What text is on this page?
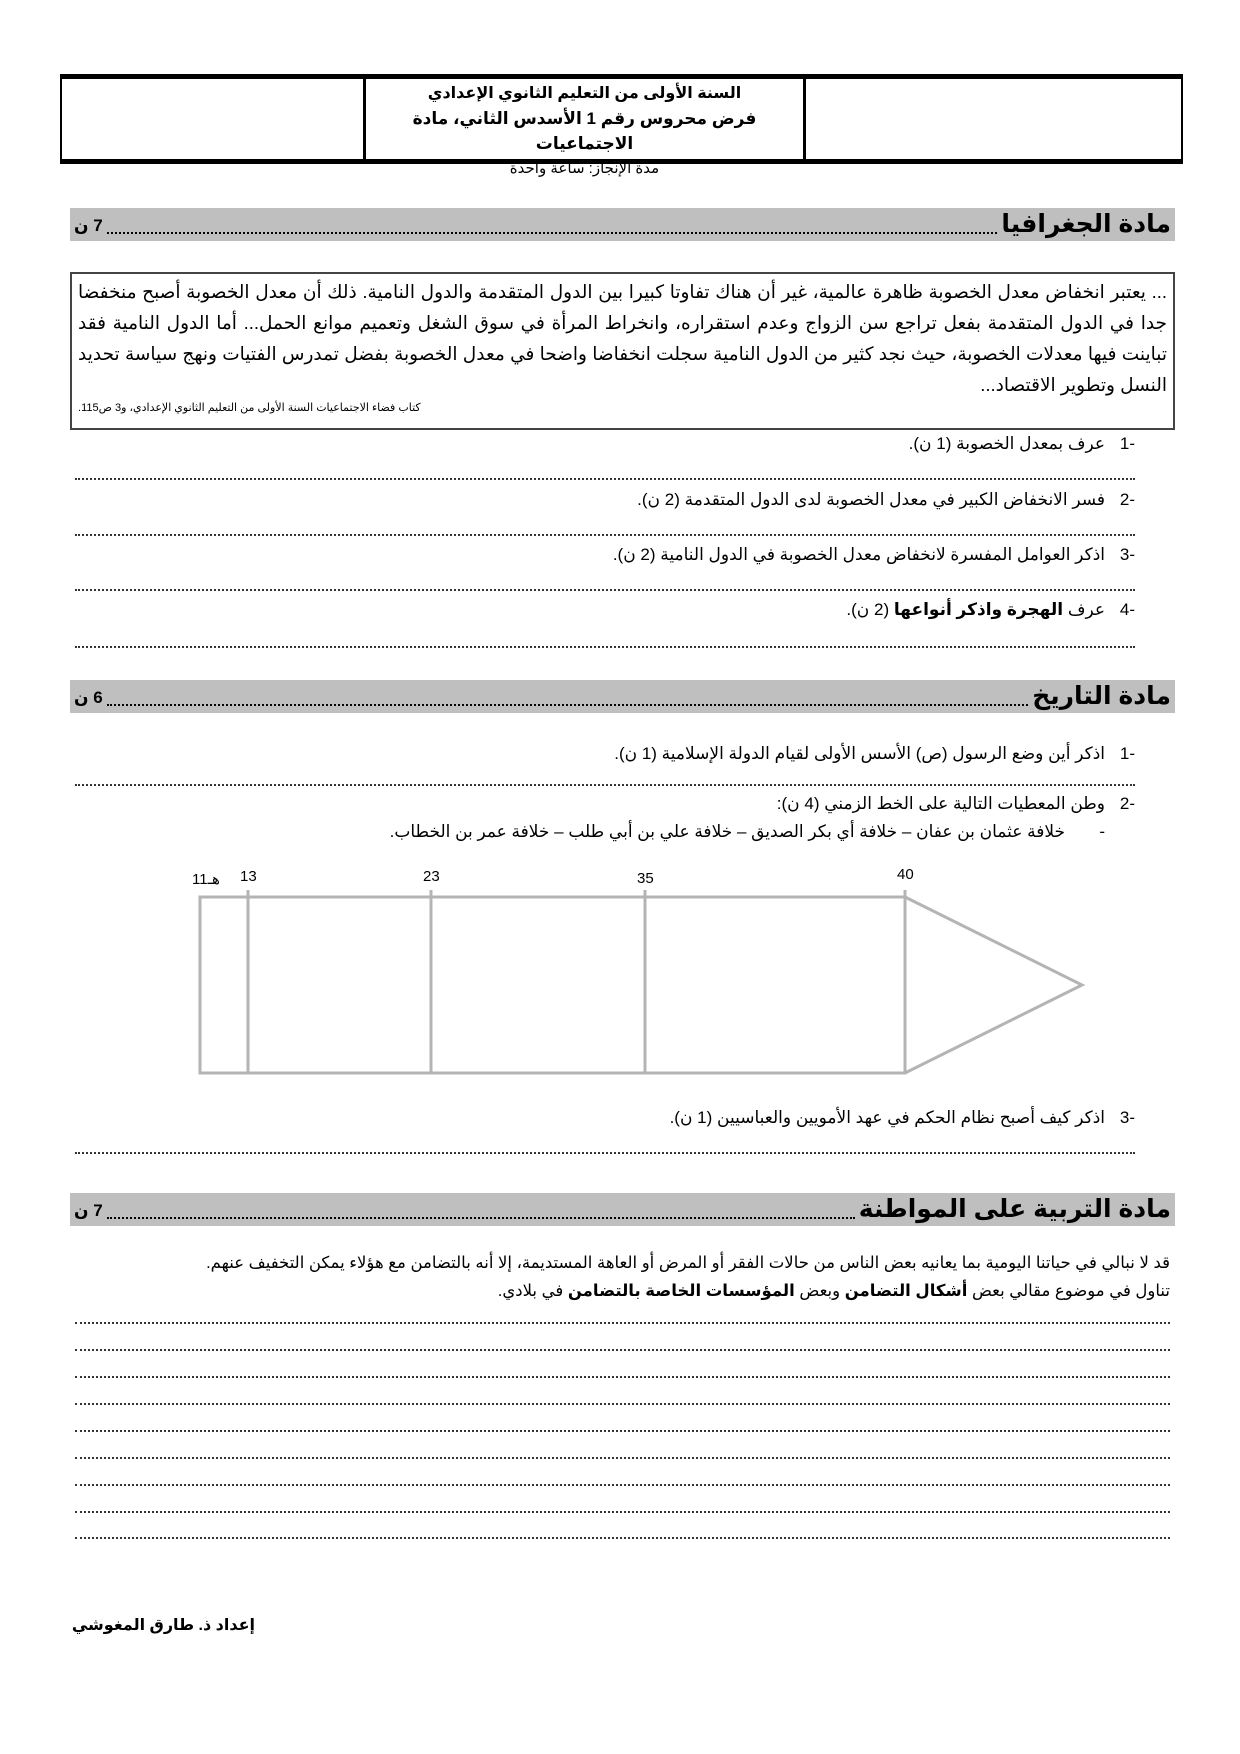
السنة الأولى من التعليم الثانوي الإعدادي
فرض محروس رقم 1 الأسدس الثاني، مادة الاجتماعيات
مدة الإنجاز: ساعة واحدة
مادة الجغرافيا
7 ن
... يعتبر انخفاض معدل الخصوبة ظاهرة عالمية، غير أن هناك تفاوتا كبيرا بين الدول المتقدمة والدول النامية. ذلك أن معدل الخصوبة أصبح منخفضا جدا في الدول المتقدمة بفعل تراجع سن الزواج وعدم استقراره، وانخراط المرأة في سوق الشغل وتعميم موانع الحمل... أما الدول النامية فقد تباينت فيها معدلات الخصوبة، حيث نجد كثير من الدول النامية سجلت انخفاضا واضحا في معدل الخصوبة بفضل تمدرس الفتيات ونهج سياسة تحديد النسل وتطوير الاقتصاد...
كتاب فضاء الاجتماعيات السنة الأولى من التعليم الثانوي الإعدادي، و3 ص115.
-1عرف بمعدل الخصوبة (1 ن).
-2فسر الانخفاض الكبير في معدل الخصوبة لدى الدول المتقدمة (2 ن).
-3اذكر العوامل المفسرة لانخفاض معدل الخصوبة في الدول النامية (2 ن).
-4عرف الهجرة واذكر أنواعها (2 ن).
مادة التاريخ
6 ن
-1اذكر أين وضع الرسول (ص) الأسس الأولى لقيام الدولة الإسلامية (1 ن).
-2وطن المعطيات التالية على الخط الزمني (4 ن):
-خلافة عثمان بن عفان – خلافة أي بكر الصديق – خلافة علي بن أبي طلب – خلافة عمر بن الخطاب.
11هـ 13	23	35	40
-3اذكر كيف أصبح نظام الحكم في عهد الأمويين والعباسيين (1 ن).
مادة التربية على المواطنة
7 ن
قد لا نبالي في حياتنا اليومية بما يعانيه بعض الناس من حالات الفقر أو المرض أو العاهة المستديمة، إلا أنه بالتضامن مع هؤلاء يمكن التخفيف عنهم.
تناول في موضوع مقالي بعض أشكال التضامن وبعض المؤسسات الخاصة بالتضامن في بلادي.
إعداد ذ. طارق المغوشي
